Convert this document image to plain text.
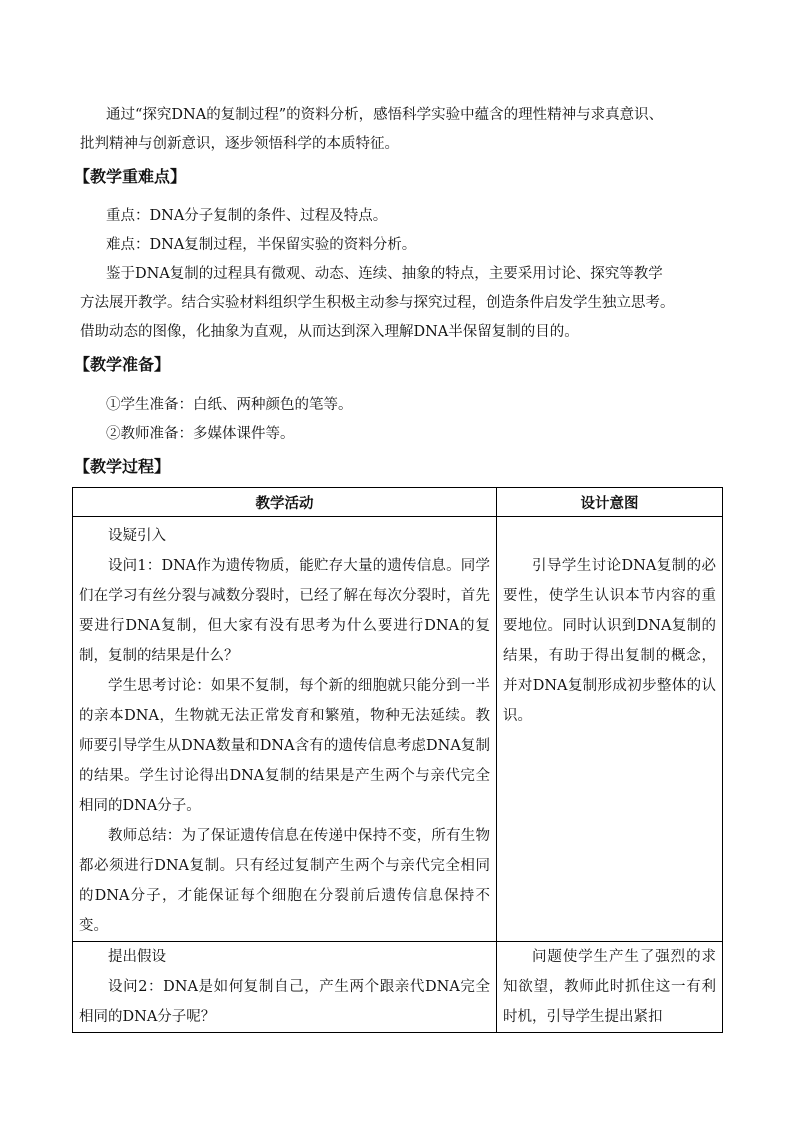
通过“探究DNA的复制过程”的资料分析，感悟科学实验中蕴含的理性精神与求真意识、
批判精神与创新意识，逐步领悟科学的本质特征。
【教学重难点】
重点：DNA分子复制的条件、过程及特点。
难点：DNA复制过程，半保留实验的资料分析。
鉴于DNA复制的过程具有微观、动态、连续、抽象的特点，主要采用讨论、探究等教学
方法展开教学。结合实验材料组织学生积极主动参与探究过程，创造条件启发学生独立思考。
借助动态的图像，化抽象为直观，从而达到深入理解DNA半保留复制的目的。
【教学准备】
①学生准备：白纸、两种颜色的笔等。
②教师准备：多媒体课件等。
【教学过程】
教学活动	设计意图

设疑引入

设问1：DNA作为遗传物质，能贮存大量的遗传信息。同学们在学习有丝分裂与减数分裂时，已经了解在每次分裂时，首先要进行DNA复制，但大家有没有思考为什么要进行DNA的复制，复制的结果是什么？

学生思考讨论：如果不复制，每个新的细胞就只能分到一半的亲本DNA，生物就无法正常发育和繁殖，物种无法延续。教师要引导学生从DNA数量和DNA含有的遗传信息考虑DNA复制的结果。学生讨论得出DNA复制的结果是产生两个与亲代完全相同的DNA分子。

教师总结：为了保证遗传信息在传递中保持不变，所有生物都必须进行DNA复制。只有经过复制产生两个与亲代完全相同的DNA分子，才能保证每个细胞在分裂前后遗传信息保持不变。	引导学生讨论DNA复制的必要性，使学生认识本节内容的重要地位。同时认识到DNA复制的结果，有助于得出复制的概念，并对DNA复制形成初步整体的认识。

提出假设

设问2：DNA是如何复制自己，产生两个跟亲代DNA完全相同的DNA分子呢？	问题使学生产生了强烈的求知欲望，教师此时抓住这一有利时机，引导学生提出紧扣
